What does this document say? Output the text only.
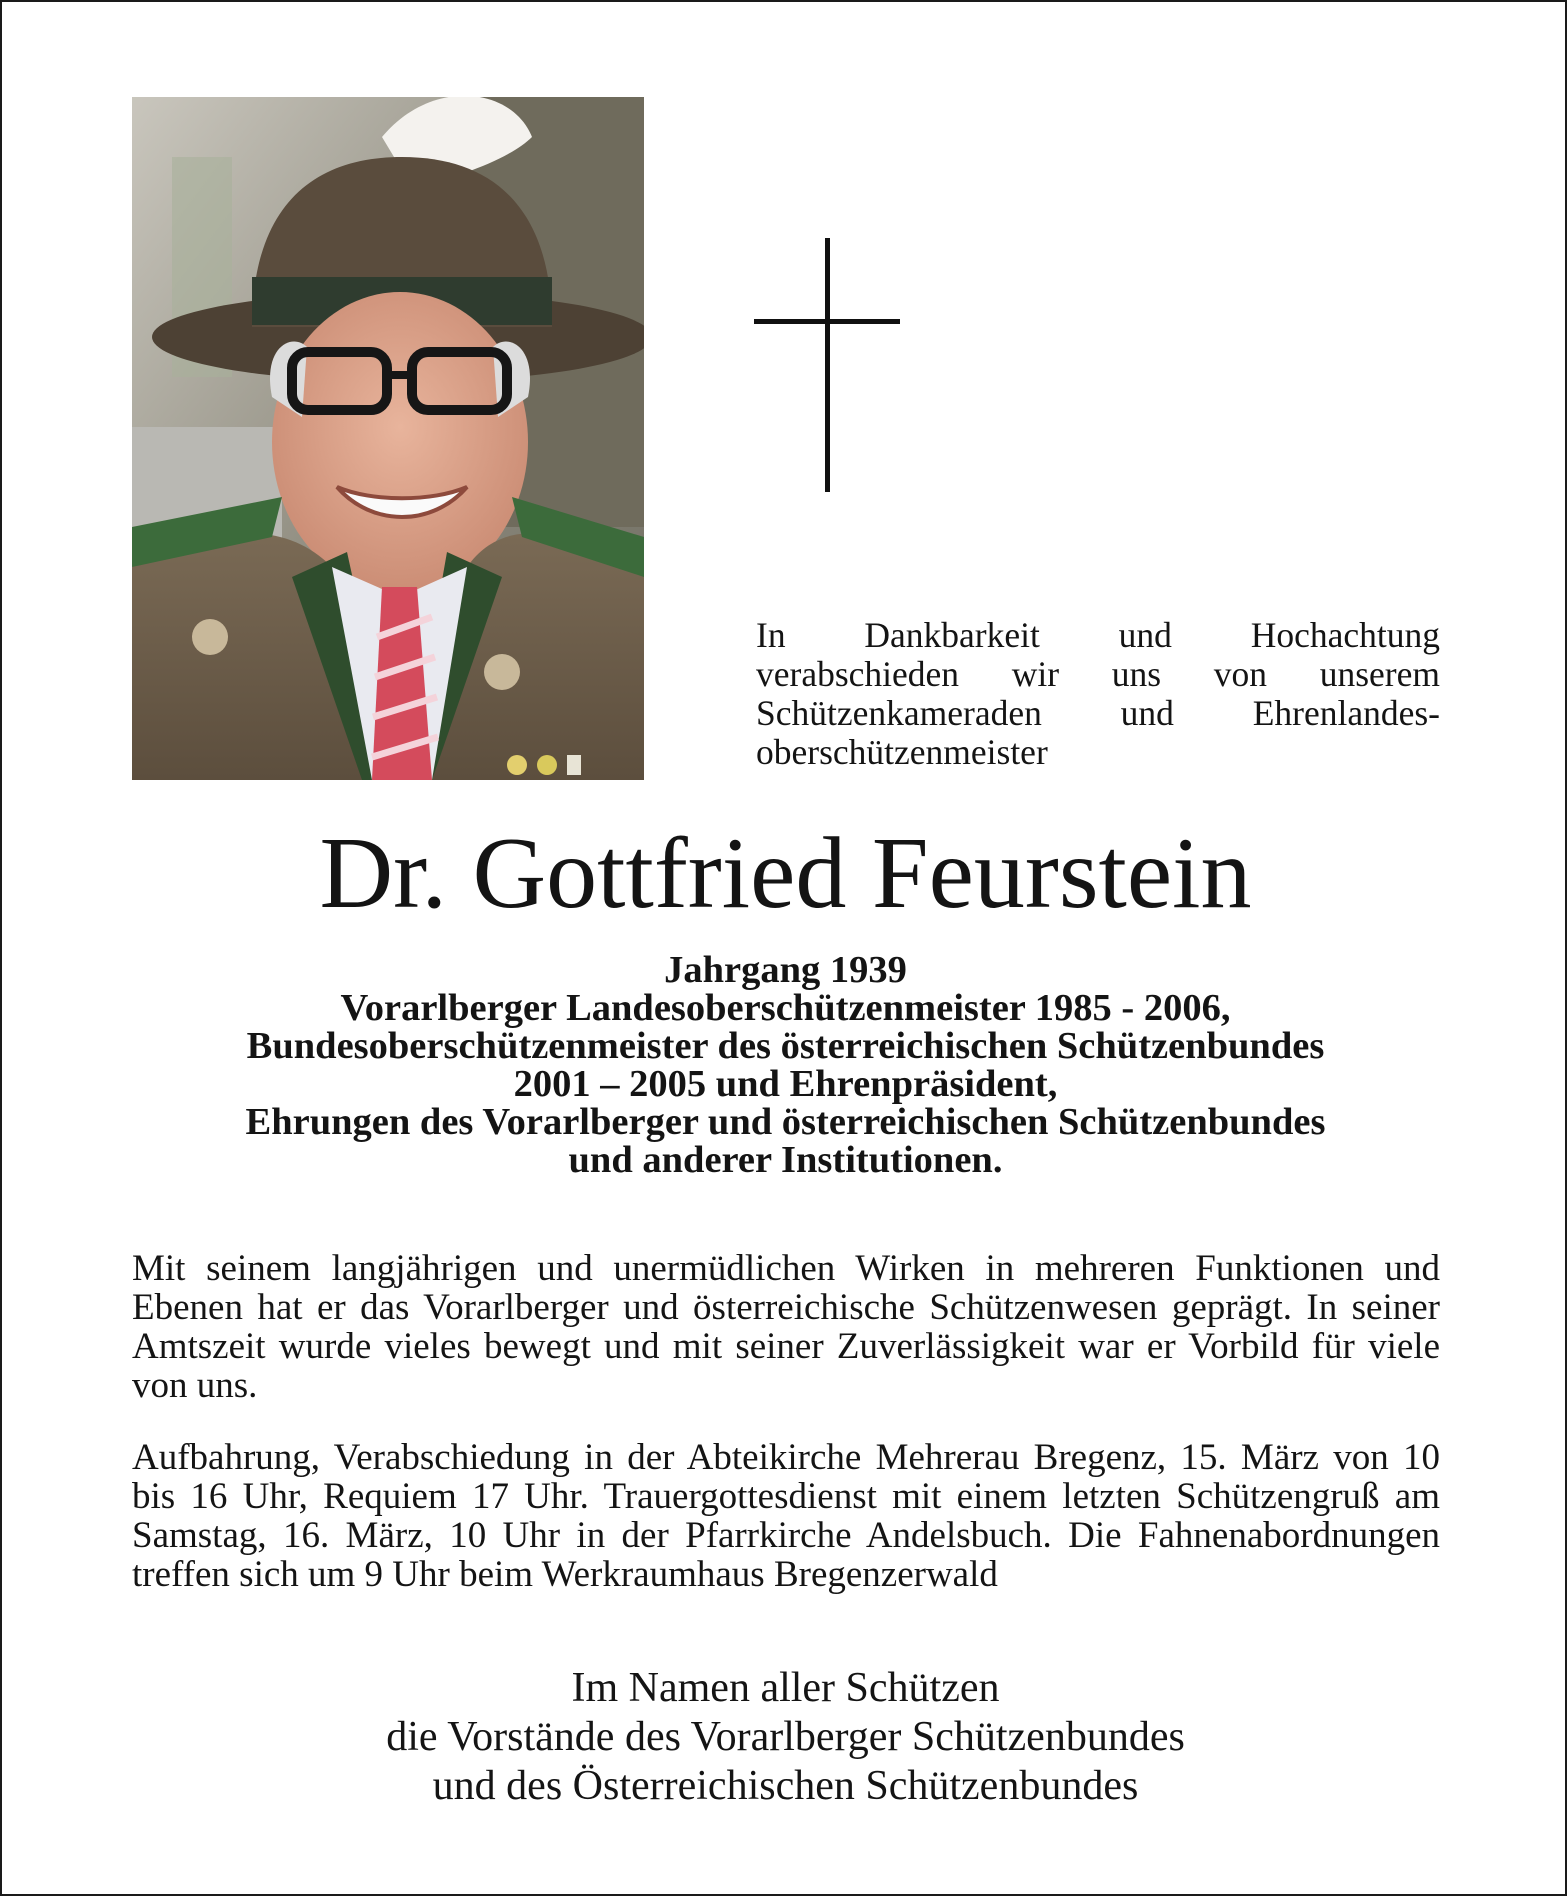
In Dankbarkeit und Hochachtung verabschieden wir uns von unserem Schützenkameraden und Ehrenlandesoberschützenmeister

Dr. Gottfried Feurstein
Jahrgang 1939
Vorarlberger Landesoberschützenmeister 1985 - 2006,
Bundesoberschützenmeister des österreichischen Schützenbundes
2001 – 2005 und Ehrenpräsident,
Ehrungen des Vorarlberger und österreichischen Schützenbundes
und anderer Institutionen.

Mit seinem langjährigen und unermüdlichen Wirken in mehreren Funktionen und Ebenen hat er das Vorarlberger und österreichische Schützenwesen geprägt. In seiner Amtszeit wurde vieles bewegt und mit seiner Zuverlässigkeit war er Vorbild für viele von uns.

Aufbahrung, Verabschiedung in der Abteikirche Mehrerau Bregenz, 15. März von 10 bis 16 Uhr, Requiem 17 Uhr. Trauergottesdienst mit einem letzten Schützengruß am Samstag, 16. März, 10 Uhr in der Pfarrkirche Andelsbuch. Die Fahnenabordnungen treffen sich um 9 Uhr beim Werkraumhaus Bregenzerwald

Im Namen aller Schützen
die Vorstände des Vorarlberger Schützenbundes
und des Österreichischen Schützenbundes
